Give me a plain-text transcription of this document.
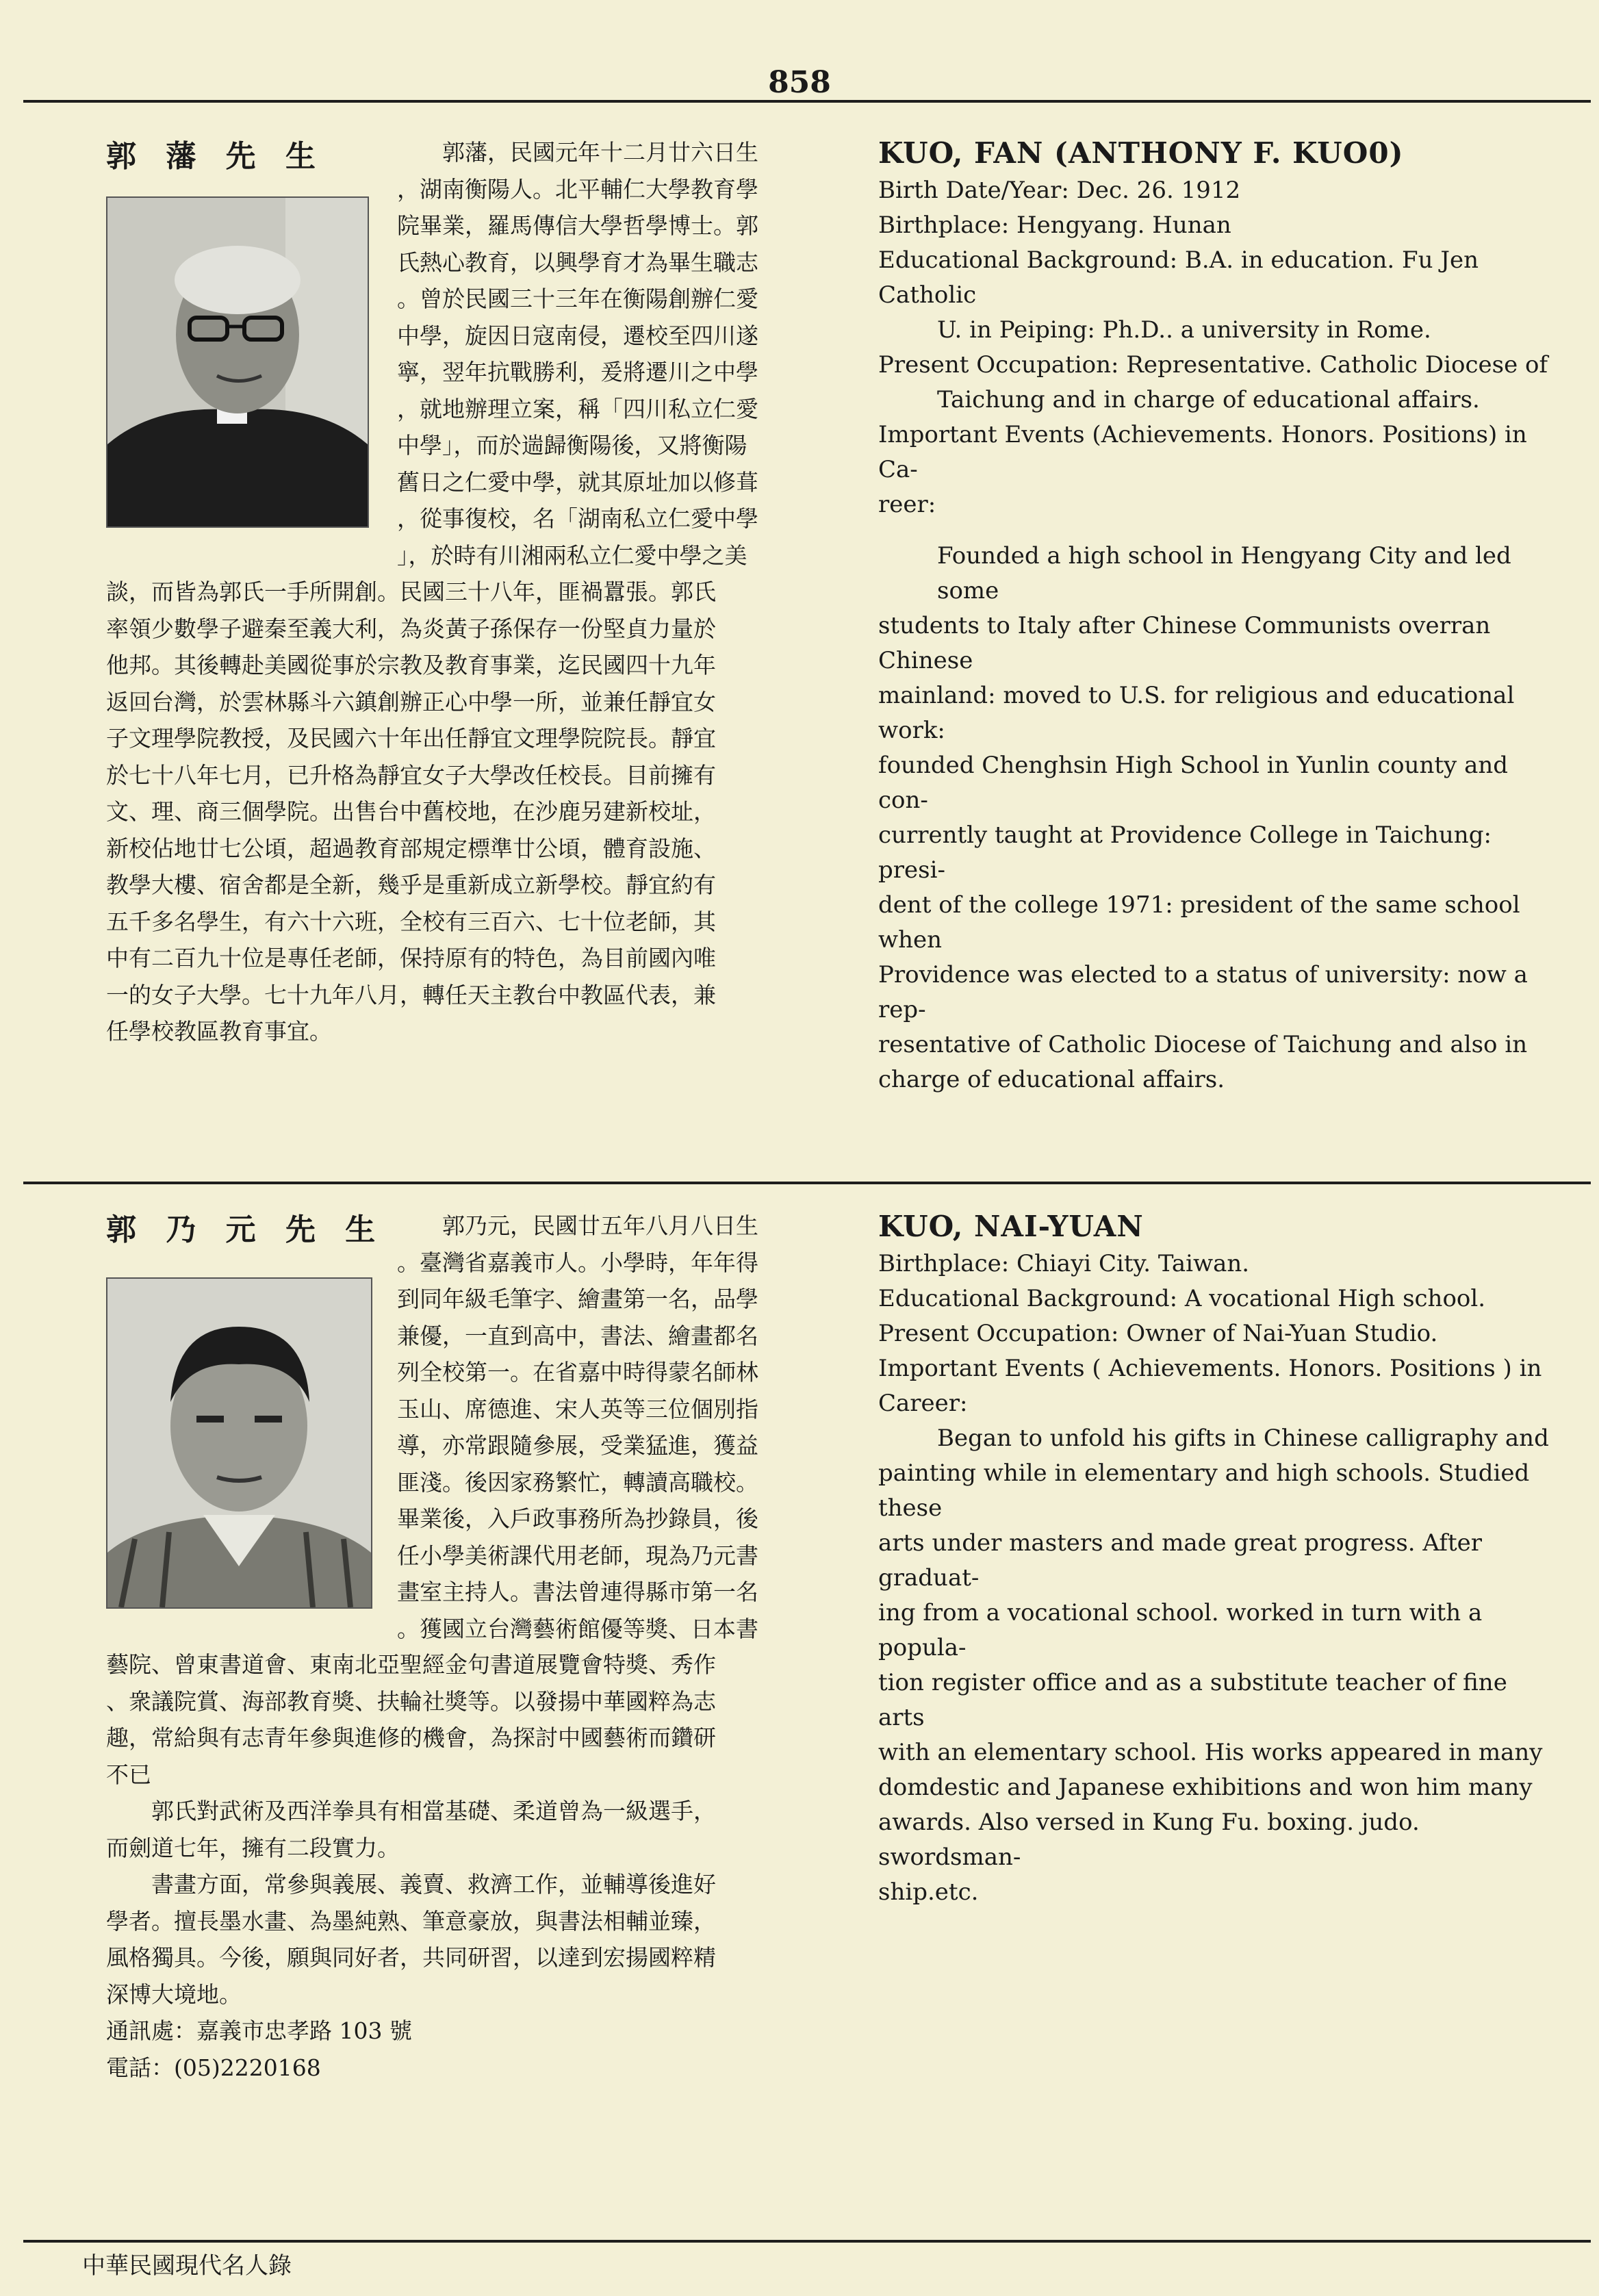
858
郭 藩 先 生	郭藩，民國元年十二月廿六日生
，湖南衡陽人。北平輔仁大學教育學
院畢業，羅馬傳信大學哲學博士。郭
氏熱心教育，以興學育才為畢生職志
。曾於民國三十三年在衡陽創辦仁愛
中學，旋因日寇南侵，遷校至四川遂
寧，翌年抗戰勝利，爰將遷川之中學
，就地辦理立案，稱「四川私立仁愛
中學」，而於遄歸衡陽後，又將衡陽
舊日之仁愛中學，就其原址加以修葺
，從事復校，名「湖南私立仁愛中學
」，於時有川湘兩私立仁愛中學之美
談，而皆為郭氏一手所開創。民國三十八年，匪禍囂張。郭氏
率領少數學子避秦至義大利，為炎黃子孫保存一份堅貞力量於
他邦。其後轉赴美國從事於宗教及教育事業，迄民國四十九年
返回台灣，於雲林縣斗六鎮創辦正心中學一所，並兼任靜宜女
子文理學院教授，及民國六十年出任靜宜文理學院院長。靜宜
於七十八年七月，已升格為靜宜女子大學改任校長。目前擁有
文、理、商三個學院。出售台中舊校地，在沙鹿另建新校址，
新校佔地廿七公頃，超過教育部規定標準廿公頃，體育設施、
教學大樓、宿舍都是全新，幾乎是重新成立新學校。靜宜約有
五千多名學生，有六十六班，全校有三百六、七十位老師，其
中有二百九十位是專任老師，保持原有的特色，為目前國內唯
一的女子大學。七十九年八月，轉任天主教台中教區代表，兼
任學校教區教育事宜。
KUO, FAN (ANTHONY F. KUO0)
Birth Date/Year: Dec. 26. 1912
Birthplace: Hengyang. Hunan
Educational Background: B.A. in education. Fu Jen Catholic
U. in Peiping: Ph.D.. a university in Rome.
Present Occupation: Representative. Catholic Diocese of
Taichung and in charge of educational affairs.
Important Events (Achievements. Honors. Positions) in Ca-
reer:
Founded a high school in Hengyang City and led some
students to Italy after Chinese Communists overran Chinese
mainland: moved to U.S. for religious and educational work:
founded Chenghsin High School in Yunlin county and con-
currently taught at Providence College in Taichung: presi-
dent of the college 1971: president of the same school when
Providence was elected to a status of university: now a rep-
resentative of Catholic Diocese of Taichung and also in
charge of educational affairs.
郭 乃 元 先 生	郭乃元，民國廿五年八月八日生
。臺灣省嘉義市人。小學時，年年得
到同年級毛筆字、繪畫第一名，品學
兼優，一直到高中，書法、繪畫都名
列全校第一。在省嘉中時得蒙名師林
玉山、席德進、宋人英等三位個別指
導，亦常跟隨參展，受業猛進，獲益
匪淺。後因家務繁忙，轉讀高職校。
畢業後，入戶政事務所為抄錄員，後
任小學美術課代用老師，現為乃元書
畫室主持人。書法曾連得縣市第一名
。獲國立台灣藝術館優等獎、日本書
藝院、曾東書道會、東南北亞聖經金句書道展覽會特獎、秀作
、衆議院賞、海部教育獎、扶輪社獎等。以發揚中華國粹為志
趣，常給與有志青年參與進修的機會，為探討中國藝術而鑽研
不已
　　郭氏對武術及西洋拳具有相當基礎、柔道曾為一級選手，
而劍道七年，擁有二段實力。
　　書畫方面，常參與義展、義賣、救濟工作，並輔導後進好
學者。擅長墨水畫、為墨純熟、筆意豪放，與書法相輔並臻，
風格獨具。今後，願與同好者，共同研習，以達到宏揚國粹精
深博大境地。
通訊處：嘉義市忠孝路 103 號
電話：(05)2220168
KUO, NAI-YUAN
Birthplace: Chiayi City. Taiwan.
Educational Background: A vocational High school.
Present Occupation: Owner of Nai-Yuan Studio.
Important Events ( Achievements. Honors. Positions ) in
Career:
Began to unfold his gifts in Chinese calligraphy and
painting while in elementary and high schools. Studied these
arts under masters and made great progress. After graduat-
ing from a vocational school. worked in turn with a popula-
tion register office and as a substitute teacher of fine arts
with an elementary school. His works appeared in many
domdestic and Japanese exhibitions and won him many
awards. Also versed in Kung Fu. boxing. judo. swordsman-
ship.etc.
中華民國現代名人錄
